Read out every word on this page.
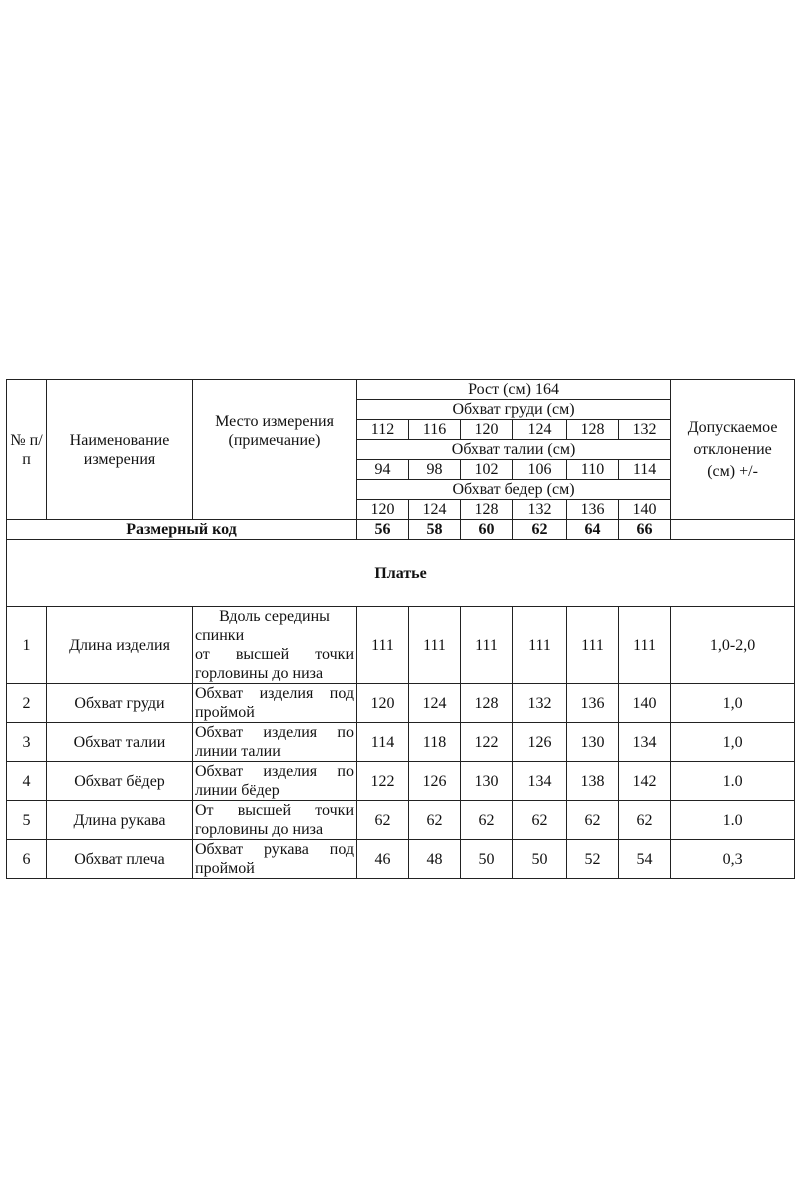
№ п/п	Наименование измерения	Место измерения (примечание)	Рост (см) 164						Допускаемое отклонение (см) +/-
			Обхват груди (см)						
			112	116	120	124	128	132	
			Обхват талии (см)						
			94	98	102	106	110	114	
			Обхват бедер (см)						
			120	124	128	132	136	140	
Размерный код			56	58	60	62	64	66	
Платье									
1	Длина изделия	Вдоль середины спинки
от высшей точки
горловины до низа	111	111	111	111	111	111	1,0-2,0
2	Обхват груди	Обхват изделия под
проймой	120	124	128	132	136	140	1,0
3	Обхват талии	Обхват изделия по
линии талии	114	118	122	126	130	134	1,0
4	Обхват бёдер	Обхват изделия по
линии бёдер	122	126	130	134	138	142	1.0
5	Длина рукава	От высшей точки
горловины до низа	62	62	62	62	62	62	1.0
6	Обхват плеча	Обхват рукава под
проймой	46	48	50	50	52	54	0,3
